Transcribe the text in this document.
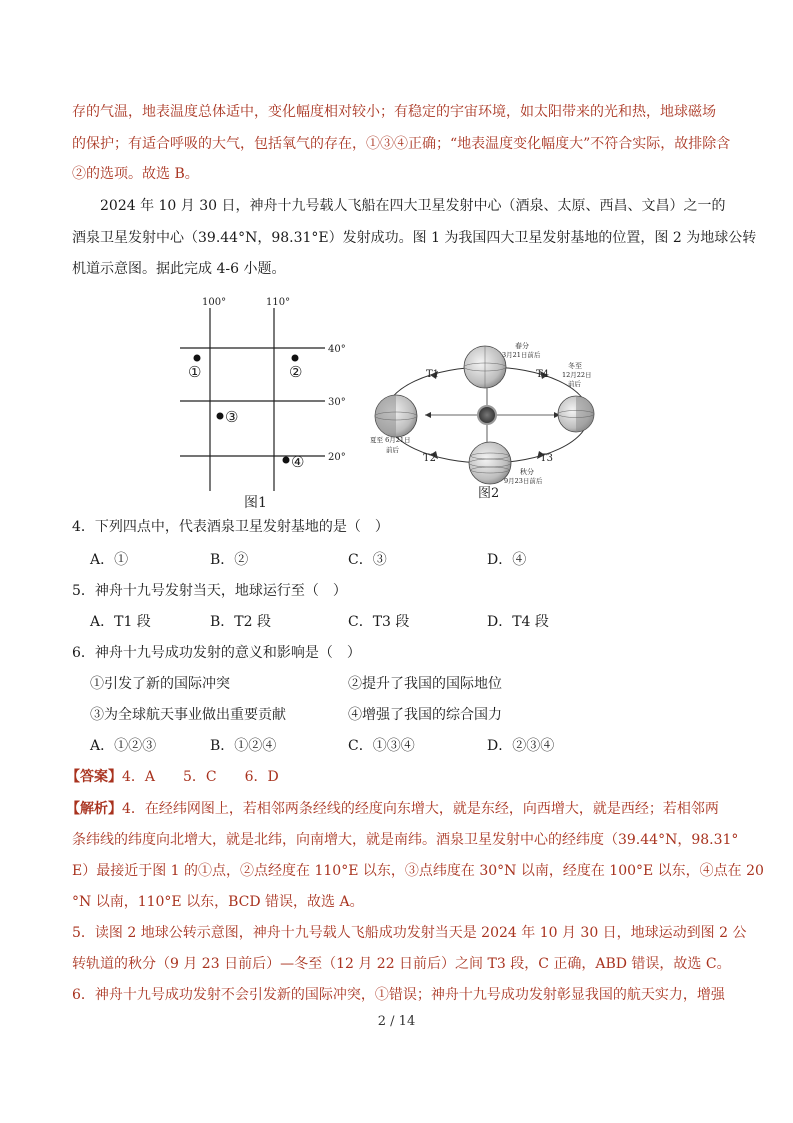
存的气温，地表温度总体适中，变化幅度相对较小；有稳定的宇宙环境，如太阳带来的光和热，地球磁场
的保护；有适合呼吸的大气，包括氧气的存在，①③④正确；“地表温度变化幅度大”不符合实际，故排除含
②的选项。故选 B。
2024 年 10 月 30 日，神舟十九号载人飞船在四大卫星发射中心（酒泉、太原、西昌、文昌）之一的
酒泉卫星发射中心（39.44°N，98.31°E）发射成功。图 1 为我国四大卫星发射基地的位置，图 2 为地球公转
机道示意图。据此完成 4-6 小题。
100°	110°
40°
30°
20°
①	②
③
④
图1
春分
3月21日前后
冬至
12月22日
前后
夏至 6月21日
前后
秋分
9月23日前后
T1
T2	T3
T4
图2
4．下列四点中，代表酒泉卫星发射基地的是（　）
A．①	B．②	C．③	D．④
5．神舟十九号发射当天，地球运行至（　）
A．T1 段	B．T2 段	C．T3 段	D．T4 段
6．神舟十九号成功发射的意义和影响是（　）
①引发了新的国际冲突	②提升了我国的国际地位
③为全球航天事业做出重要贡献	④增强了我国的综合国力
A．①②③	B．①②④	C．①③④	D．②③④
【答案】4．A　　5．C　　6．D
【解析】4．在经纬网图上，若相邻两条经线的经度向东增大，就是东经，向西增大，就是西经；若相邻两
条纬线的纬度向北增大，就是北纬，向南增大，就是南纬。酒泉卫星发射中心的经纬度（39.44°N，98.31°
E）最接近于图 1 的①点，②点经度在 110°E 以东，③点纬度在 30°N 以南，经度在 100°E 以东，④点在 20
°N 以南，110°E 以东，BCD 错误，故选 A。
5．读图 2 地球公转示意图，神舟十九号载人飞船成功发射当天是 2024 年 10 月 30 日，地球运动到图 2 公
转轨道的秋分（9 月 23 日前后）—冬至（12 月 22 日前后）之间 T3 段，C 正确，ABD 错误，故选 C。
6．神舟十九号成功发射不会引发新的国际冲突，①错误；神舟十九号成功发射彰显我国的航天实力，增强
2 / 14
